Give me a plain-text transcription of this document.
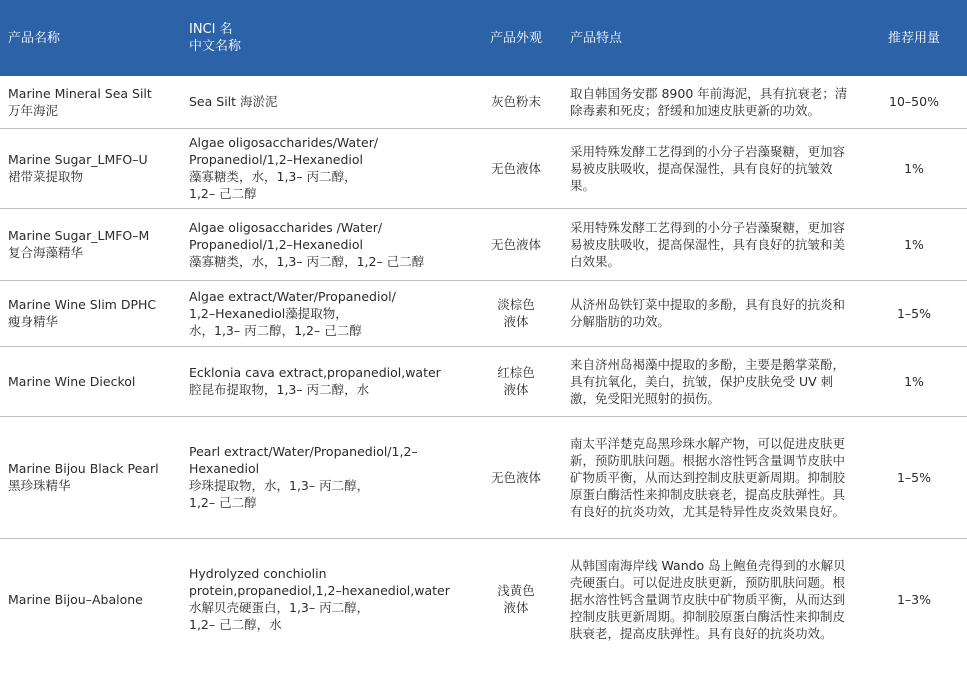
产品名称	INCI 名
中文名称	产品外观	产品特点	推荐用量
Marine Mineral Sea Silt
万年海泥	Sea Silt 海淤泥	灰色粉末	取自韩国务安郡 8900 年前海泥，具有抗衰老；清除毒素和死皮；舒缓和加速皮肤更新的功效。	10–50%
Marine Sugar_LMFO–U
裙带菜提取物	Algae oligosaccharides/Water/
Propanediol/1,2–Hexanediol
藻寡糖类，水，1,3– 丙二醇，
1,2– 己二醇	无色液体	采用特殊发酵工艺得到的小分子岩藻聚糖，更加容易被皮肤吸收，提高保湿性，具有良好的抗皱效果。	1%
Marine Sugar_LMFO–M
复合海藻精华	Algae oligosaccharides /Water/
Propanediol/1,2–Hexanediol
藻寡糖类，水，1,3– 丙二醇，1,2– 己二醇	无色液体	采用特殊发酵工艺得到的小分子岩藻聚糖，更加容易被皮肤吸收，提高保湿性，具有良好的抗皱和美白效果。	1%
Marine Wine Slim DPHC
瘦身精华	Algae extract/Water/Propanediol/
1,2–Hexanediol藻提取物，
水，1,3– 丙二醇，1,2– 己二醇	淡棕色
液体	从济州岛铁钉菜中提取的多酚，具有良好的抗炎和分解脂肪的功效。	1–5%
Marine Wine Dieckol	Ecklonia cava extract,propanediol,water
腔昆布提取物，1,3– 丙二醇，水	红棕色
液体	来自济州岛褐藻中提取的多酚，主要是鹅掌菜酚，具有抗氧化，美白，抗皱，保护皮肤免受 UV 刺激，免受阳光照射的损伤。	1%
Marine Bijou Black Pearl
黑珍珠精华	Pearl extract/Water/Propanediol/1,2–
Hexanediol
珍珠提取物，水，1,3– 丙二醇，
1,2– 己二醇	无色液体	南太平洋楚克岛黑珍珠水解产物，可以促进皮肤更新，预防肌肤问题。根据水溶性钙含量调节皮肤中矿物质平衡，从而达到控制皮肤更新周期。抑制胶原蛋白酶活性来抑制皮肤衰老，提高皮肤弹性。具有良好的抗炎功效，尤其是特异性皮炎效果良好。	1–5%
Marine Bijou–Abalone	Hydrolyzed conchiolin
protein,propanediol,1,2–hexanediol,water
水解贝壳硬蛋白，1,3– 丙二醇，
1,2– 己二醇，水	浅黄色
液体	从韩国南海岸线 Wando 岛上鲍鱼壳得到的水解贝壳硬蛋白。可以促进皮肤更新，预防肌肤问题。根据水溶性钙含量调节皮肤中矿物质平衡，从而达到控制皮肤更新周期。抑制胶原蛋白酶活性来抑制皮肤衰老，提高皮肤弹性。具有良好的抗炎功效。	1–3%
